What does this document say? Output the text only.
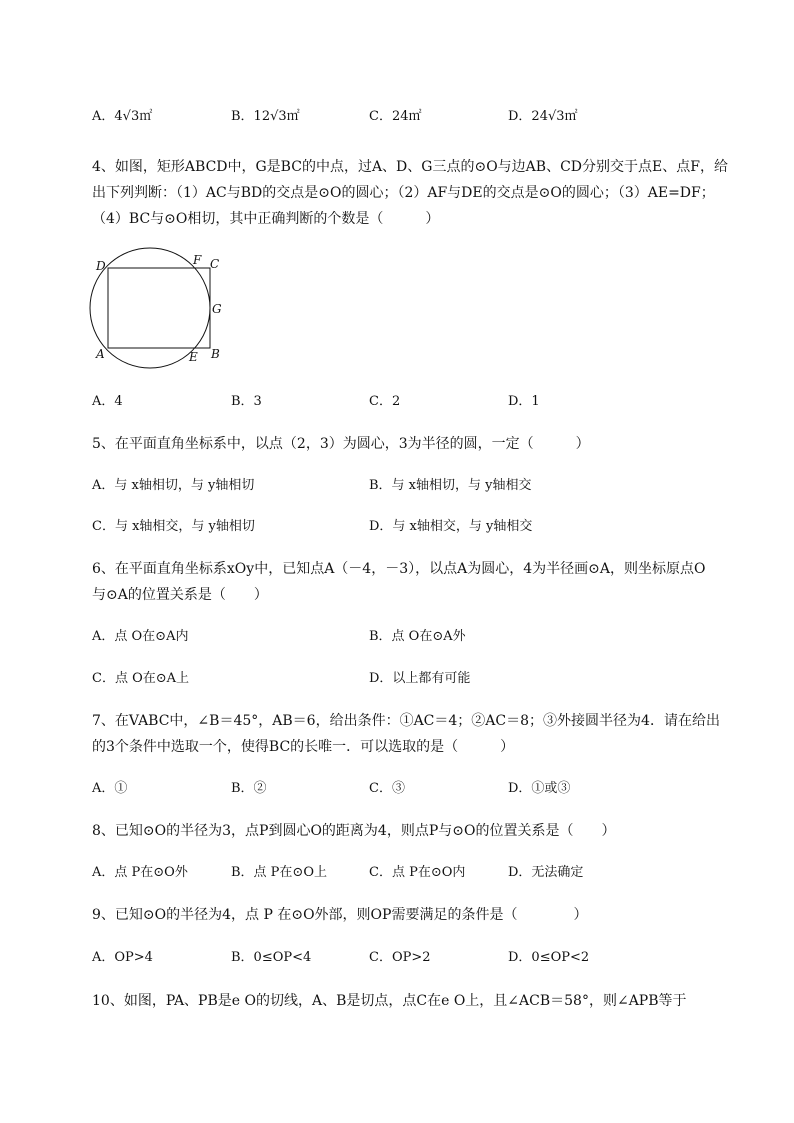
A．4√3㎡	B．12√3㎡	C．24㎡	D．24√3㎡
4、如图，矩形ABCD中，G是BC的中点，过A、D、G三点的⊙O与边AB、CD分别交于点E、点F，给
出下列判断：（1）AC与BD的交点是⊙O的圆心；（2）AF与DE的交点是⊙O的圆心；（3）AE=DF；
（4）BC与⊙O相切，其中正确判断的个数是（　　　）
D	F C
G
A	E B
A．4	B．3	C．2	D．1
5、在平面直角坐标系中，以点（2，3）为圆心，3为半径的圆，一定（　　　）
A．与 x轴相切，与 y轴相切	B．与 x轴相切，与 y轴相交
C．与 x轴相交，与 y轴相切	D．与 x轴相交，与 y轴相交
6、在平面直角坐标系xOy中，已知点A（－4，－3），以点A为圆心，4为半径画⊙A，则坐标原点O
与⊙A的位置关系是（　　）
A．点 O在⊙A内	B．点 O在⊙A外
C．点 O在⊙A上	D．以上都有可能
7、在VABC中，∠B＝45°，AB＝6，给出条件：①AC＝4；②AC＝8；③外接圆半径为4．请在给出
的3个条件中选取一个，使得BC的长唯一．可以选取的是（　　　）
A．①	B．②	C．③	D．①或③
8、已知⊙O的半径为3，点P到圆心O的距离为4，则点P与⊙O的位置关系是（　　）
A．点 P在⊙O外	B．点 P在⊙O上	C．点 P在⊙O内	D．无法确定
9、已知⊙O的半径为4，点 P 在⊙O外部，则OP需要满足的条件是（　　　　）
A．OP>4	B．0≤OP<4	C．OP>2	D．0≤OP<2
10、如图，PA、PB是e O的切线，A、B是切点，点C在e O上，且∠ACB＝58°，则∠APB等于
